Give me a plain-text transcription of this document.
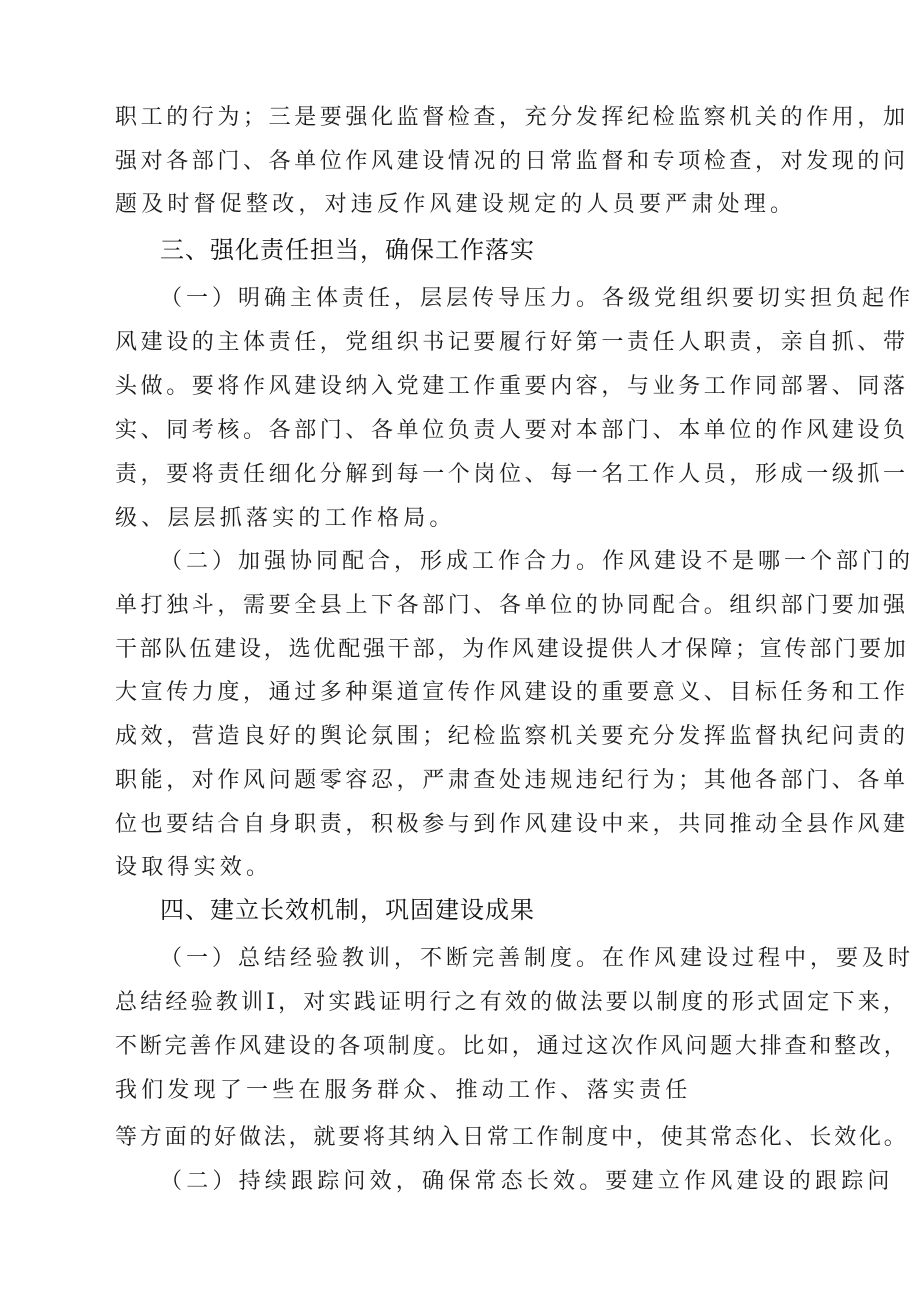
职工的行为；三是要强化监督检查，充分发挥纪检监察机关的作用，加
强对各部门、各单位作风建设情况的日常监督和专项检查，对发现的问
题及时督促整改，对违反作风建设规定的人员要严肃处理。
三、强化责任担当，确保工作落实
（一）明确主体责任，层层传导压力。各级党组织要切实担负起作
风建设的主体责任，党组织书记要履行好第一责任人职责，亲自抓、带
头做。要将作风建设纳入党建工作重要内容，与业务工作同部署、同落
实、同考核。各部门、各单位负责人要对本部门、本单位的作风建设负
责，要将责任细化分解到每一个岗位、每一名工作人员，形成一级抓一
级、层层抓落实的工作格局。
（二）加强协同配合，形成工作合力。作风建设不是哪一个部门的
单打独斗，需要全县上下各部门、各单位的协同配合。组织部门要加强
干部队伍建设，选优配强干部，为作风建设提供人才保障；宣传部门要加
大宣传力度，通过多种渠道宣传作风建设的重要意义、目标任务和工作
成效，营造良好的舆论氛围；纪检监察机关要充分发挥监督执纪问责的
职能，对作风问题零容忍，严肃查处违规违纪行为；其他各部门、各单
位也要结合自身职责，积极参与到作风建设中来，共同推动全县作风建
设取得实效。
四、建立长效机制，巩固建设成果
（一）总结经验教训，不断完善制度。在作风建设过程中，要及时
总结经验教训I，对实践证明行之有效的做法要以制度的形式固定下来，
不断完善作风建设的各项制度。比如，通过这次作风问题大排查和整改，
我们发现了一些在服务群众、推动工作、落实责任
等方面的好做法，就要将其纳入日常工作制度中，使其常态化、长效化。
（二）持续跟踪问效，确保常态长效。要建立作风建设的跟踪问
